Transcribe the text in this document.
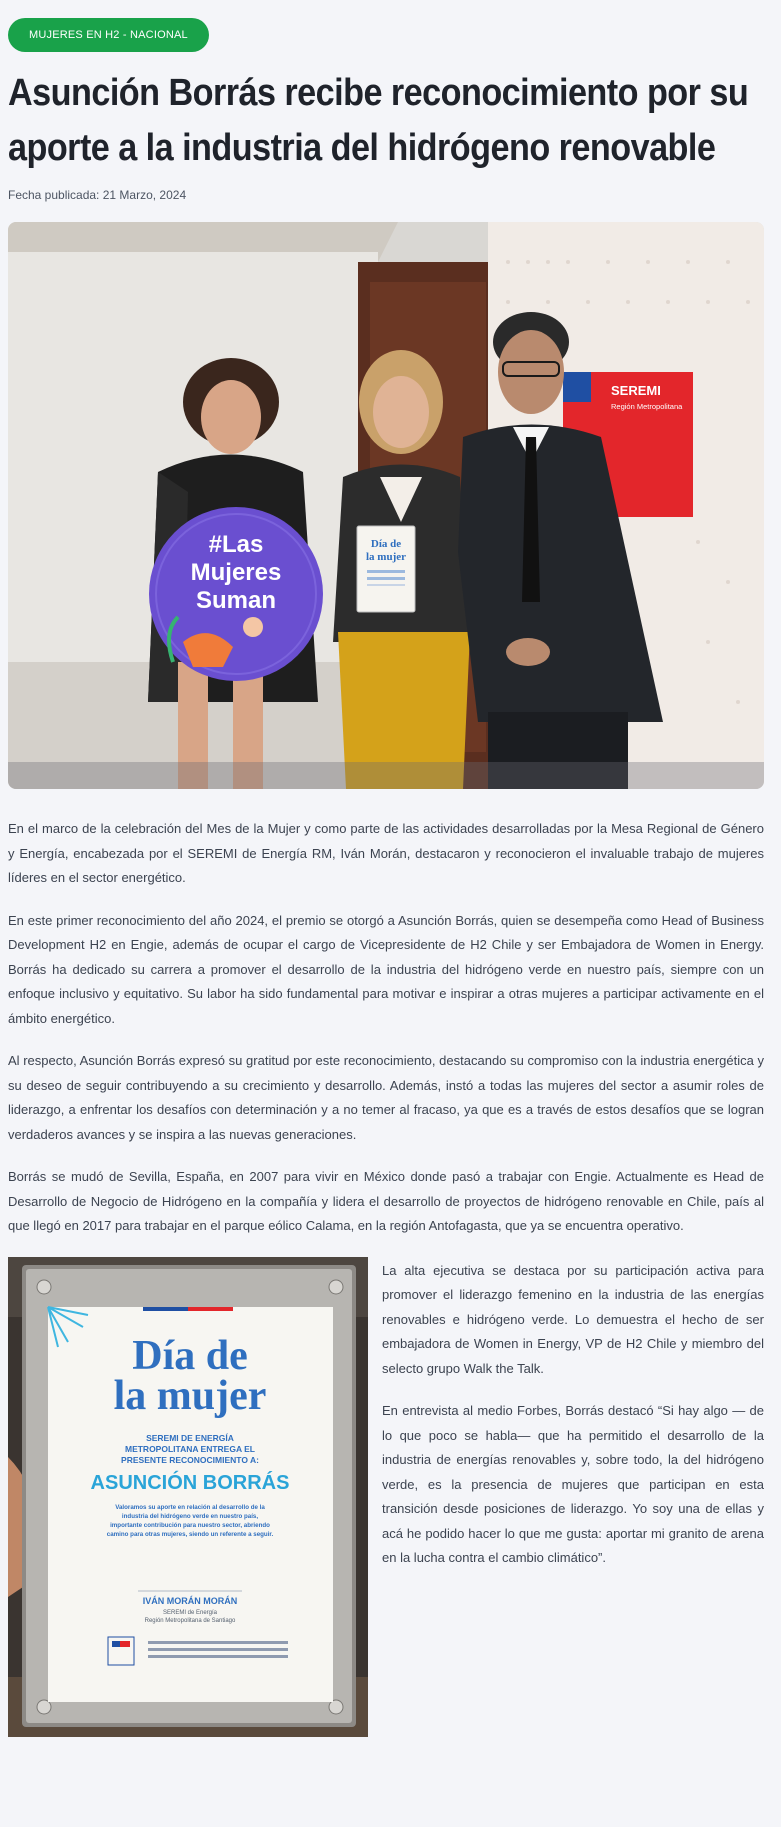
MUJERES EN H2 - NACIONAL
Asunción Borrás recibe reconocimiento por su aporte a la industria del hidrógeno renovable
Fecha publicada: 21 Marzo, 2024
SEREMI
Región Metropolitana
#Las
Mujeres
Suman
Día de
la mujer

En el marco de la celebración del Mes de la Mujer y como parte de las actividades desarrolladas por la Mesa Regional de Género y Energía, encabezada por el SEREMI de Energía RM, Iván Morán, destacaron y reconocieron el invaluable trabajo de mujeres líderes en el sector energético.

En este primer reconocimiento del año 2024, el premio se otorgó a Asunción Borrás, quien se desempeña como Head of Business Development H2 en Engie, además de ocupar el cargo de Vicepresidente de H2 Chile y ser Embajadora de Women in Energy. Borrás ha dedicado su carrera a promover el desarrollo de la industria del hidrógeno verde en nuestro país, siempre con un enfoque inclusivo y equitativo. Su labor ha sido fundamental para motivar e inspirar a otras mujeres a participar activamente en el ámbito energético.

Al respecto, Asunción Borrás expresó su gratitud por este reconocimiento, destacando su compromiso con la industria energética y su deseo de seguir contribuyendo a su crecimiento y desarrollo. Además, instó a todas las mujeres del sector a asumir roles de liderazgo, a enfrentar los desafíos con determinación y a no temer al fracaso, ya que es a través de estos desafíos que se logran verdaderos avances y se inspira a las nuevas generaciones.

Borrás se mudó de Sevilla, España, en 2007 para vivir en México donde pasó a trabajar con Engie. Actualmente es Head de Desarrollo de Negocio de Hidrógeno en la compañía y lidera el desarrollo de proyectos de hidrógeno renovable en Chile, país al que llegó en 2017 para trabajar en el parque eólico Calama, en la región Antofagasta, que ya se encuentra operativo.

Día de
la mujer
SEREMI DE ENERGÍA
METROPOLITANA ENTREGA EL
PRESENTE RECONOCIMIENTO A:
ASUNCIÓN BORRÁS
Valoramos su aporte en relación al desarrollo de la
industria del hidrógeno verde en nuestro país,
importante contribución para nuestro sector, abriendo
camino para otras mujeres, siendo un referente a seguir.
IVÁN MORÁN MORÁN
SEREMI de Energía
Región Metropolitana de Santiago

La alta ejecutiva se destaca por su participación activa para promover el liderazgo femenino en la industria de las energías renovables e hidrógeno verde. Lo demuestra el hecho de ser embajadora de Women in Energy, VP de H2 Chile y miembro del selecto grupo Walk the Talk.

En entrevista al medio Forbes, Borrás destacó “Si hay algo — de lo que poco se habla— que ha permitido el desarrollo de la industria de energías renovables y, sobre todo, la del hidrógeno verde, es la presencia de mujeres que participan en esta transición desde posiciones de liderazgo. Yo soy una de ellas y acá he podido hacer lo que me gusta: aportar mi granito de arena en la lucha contra el cambio climático”.
